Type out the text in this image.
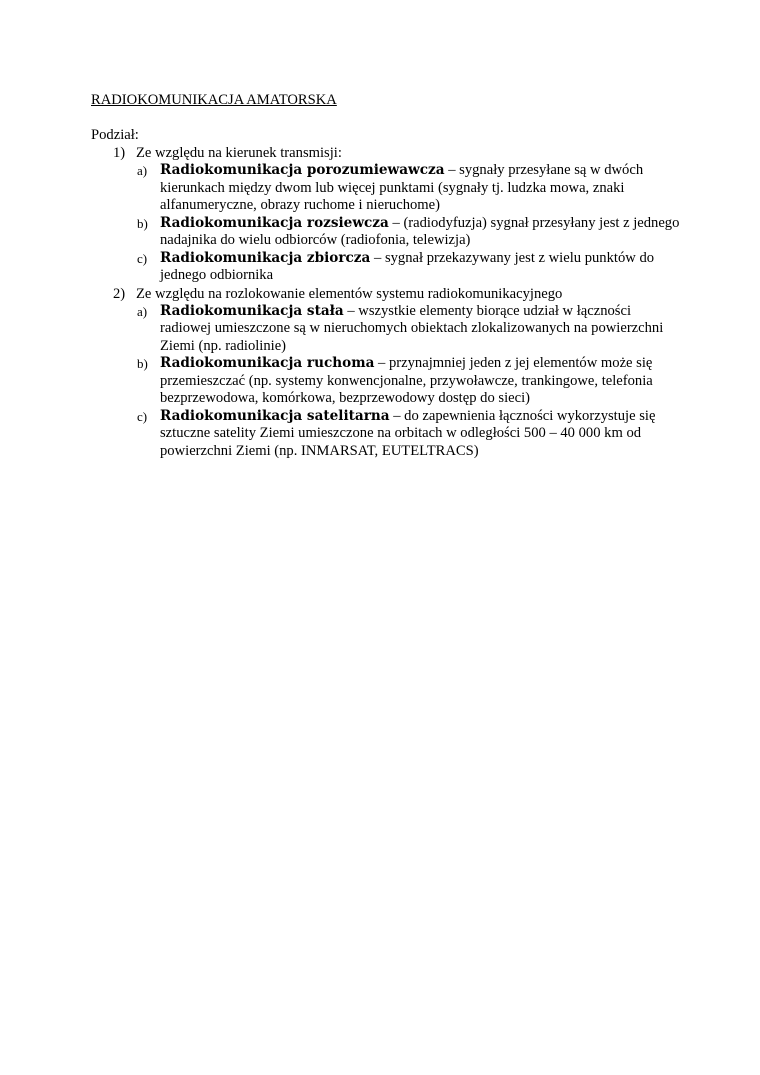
RADIOKOMUNIKACJA AMATORSKA
Podział:
1) Ze względu na kierunek transmisji:
a) Radiokomunikacja porozumiewawcza – sygnały przesyłane są w dwóch kierunkach między dwom lub więcej punktami (sygnały tj. ludzka mowa, znaki alfanumeryczne, obrazy ruchome i nieruchome)
b) Radiokomunikacja rozsiewcza – (radiodyfuzja) sygnał przesyłany jest z jednego nadajnika do wielu odbiorców (radiofonia, telewizja)
c) Radiokomunikacja zbiorcza – sygnał przekazywany jest z wielu punktów do jednego odbiornika
2) Ze względu na rozlokowanie elementów systemu radiokomunikacyjnego
a) Radiokomunikacja stała – wszystkie elementy biorące udział w łączności radiowej umieszczone są w nieruchomych obiektach zlokalizowanych na powierzchni Ziemi (np. radiolinie)
b) Radiokomunikacja ruchoma – przynajmniej jeden z jej elementów może się przemieszczać (np. systemy konwencjonalne, przywoławcze, trankingowe, telefonia bezprzewodowa, komórkowa, bezprzewodowy dostęp do sieci)
c) Radiokomunikacja satelitarna – do zapewnienia łączności wykorzystuje się sztuczne satelity Ziemi umieszczone na orbitach w odległości 500 – 40 000 km od powierzchni Ziemi (np. INMARSAT, EUTELTRACS)
